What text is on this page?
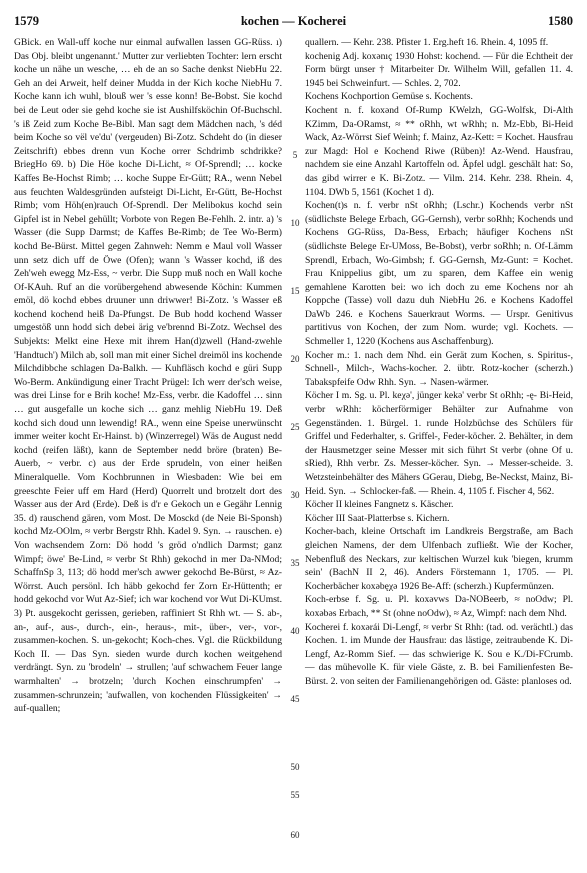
1579	kochen — Kocherei	1580

GBick. en Wall-uff koche nur einmal aufwallen lassen GG-Rüss. ı) Das Obj. bleibt ungenannt.' Mutter zur verliebten Tochter: lern erscht koche un nähe un wesche, … eh de an so Sache denkst NiebHu 22. Geh an dei Arweit, helf deiner Mudda in der Kich koche NiebHu 7. Koche kann ich wuhl, blouß wer 's esse konn! Be-Bobst. Sie kochd bei de Leut oder sie gehd koche sie ist Aushilfsköchin Of-Buchschl. 's iß Zeid zum Koche Be-Bibl. Man sagt dem Mädchen nach, 's déd beim Koche so vël ve'du' (vergeuden) Bi-Zotz. Schdeht do (in dieser Zeitschrift) ebbes drenn vun Koche orrer Schdrimb schdrikke? BriegHo 69. b) Die Höe koche Di-Licht, ≈ Of-Sprendl; … kocke Kaffes Be-Hochst Rimb; … koche Suppe Er-Gütt; RA., wenn Nebel aus feuchten Waldesgründen aufsteigt Di-Licht, Er-Gütt, Be-Hochst Rimb; vom Höh(en)rauch Of-Sprendl. Der Melibokus kochd sein Gipfel ist in Nebel gehüllt; Vorbote von Regen Be-Fehlh. 2. intr. a) 's Wasser (die Supp Darmst; de Kaffes Be-Rimb; de Tee Wo-Berm) kochd Be-Bürst. Mittel gegen Zahnweh: Nemm e Maul voll Wasser unn setz dich uff de Öwe (Ofen); wann 's Wasser kochd, iß des Zeh'weh ewegg Mz-Ess, ~ verbr. Die Supp muß noch en Wall koche Of-KAuh. Ruf an die vorübergehend abwesende Köchin: Kummen emöl, dö kochd ebbes druuner unn driwwer! Bi-Zotz. 's Wasser eß kochend kochend heiß Da-Pfungst. De Bub hodd kochend Wasser umgestöß unn hodd sich debei ärig ve'brennd Bi-Zotz. Wechsel des Subjekts: Melkt eine Hexe mit ihrem Han(d)zwell (Hand-zwehle 'Handtuch') Milch ab, soll man mit einer Sichel dreimöl ins kochende Milchdibbche schlagen Da-Balkh. — Kuhfläsch kochd e güri Supp Wo-Berm. Ankündigung einer Tracht Prügel: Ich werr der'sch weise, was drei Linse for e Brih koche! Mz-Ess, verbr. die Kadoffel … sinn … gut ausgefalle un koche sich … ganz mehlig NiebHu 19. Deß kochd sich doud unn lewendig! RA., wenn eine Speise unerwünscht immer weiter kocht Er-Hainst. b) (Winzerregel) Wäs de August nedd kochd (reifen läßt), kann de September nedd bröre (braten) Be-Auerb, ~ verbr. c) aus der Erde sprudeln, von einer heißen Mineralquelle. Vom Kochbrunnen in Wiesbaden: Wie bei em greeschte Feier uff em Hard (Herd) Quorrelt und brotzelt dort des Wasser aus der Ard (Erde). Deß is d'r e Gekoch un e Gegähr Lennig 35. d) rauschend gären, vom Most. De Mosckd (de Neie Bi-Sponsh) kochd Mz-OOlm, ≈ verbr Bergstr Rhh. Kadel 9. Syn. → rauschen. e) Von wachsendem Zorn: Dö hodd 's gröd o'ndlich Darmst; ganz Wimpf; öwe' Be-Lind, ≈ verbr St Rhh) gekochd in mer Da-NMod; SchaffnSp 3, 113; dö hodd mer'sch awwer gekochd Be-Bürst, ≈ Az-Wörrst. Auch persönl. Ich häbb gekochd fer Zorn Er-Hüttenth; er hodd gekochd vor Wut Az-Sief; ich war kochend vor Wut Di-KUmst. 3) Pt. ausgekocht gerissen, gerieben, raffiniert St Rhh wt. — S. ab-, an-, auf-, aus-, durch-, ein-, heraus-, mit-, über-, ver-, vor-, zusammen-kochen. S. un-gekocht; Koch-ches. Vgl. die Rückbildung Koch II. — Das Syn. sieden wurde durch kochen weitgehend verdrängt. Syn. zu 'brodeln' → strullen; 'auf schwachem Feuer lange warmhalten' → brotzeln; 'durch Kochen einschrumpfen' → zusammen-schrunzein; 'aufwallen, von kochenden Flüssigkeiten' → auf-quallen;

5
10
15
20
25
30
35
40
45
50
55
60

quallern. — Kehr. 238. Pfister 1. Erg.heft 16. Rhein. 4, 1095 ff.

kochenig Adj. koxənıç 1930 Hohst: kochend. — Für die Echtheit der Form bürgt unser † Mitarbeiter Dr. Wilhelm Will, gefallen 11. 4. 1945 bei Schweinfurt. — Schles. 2, 702.

Kochens Kochportion Gemüse s. Kochents.

Kochent n. f. koxənd Of-Rump KWelzh, GG-Wolfsk, Di-Alth KZimm, Da-ORamst, ≈ ** oRhh, wt wRhh; n. Mz-Ebb, Bi-Heid Wack, Az-Wörrst Sief Weinh; f. Mainz, Az-Kett: = Kochet. Hausfrau zur Magd: Hol e Kochend Riwe (Rüben)! Az-Wend. Hausfrau, nachdem sie eine Anzahl Kartoffeln od. Äpfel udgl. geschält hat: So, das gibd wirrer e K. Bi-Zotz. — Vilm. 214. Kehr. 238. Rhein. 4, 1104. DWb 5, 1561 (Kochet 1 d).

Kochen(t)s n. f. verbr nSt oRhh; (Lschr.) Kochends verbr nSt (südlichste Belege Erbach, GG-Gernsh), verbr soRhh; Kochends und Kochens GG-Rüss, Da-Bess, Erbach; häufiger Kochens nSt (südlichste Belege Er-UMoss, Be-Bobst), verbr soRhh; n. Of-Lämm Sprendl, Erbach, Wo-Gimbsh; f. GG-Gernsh, Mz-Gunt: = Kochet. Frau Knippelius gibt, um zu sparen, dem Kaffee ein wenig gemahlene Karotten bei: wo ich doch zu eme Kochens nor ah Koppche (Tasse) voll dazu duh NiebHu 26. e Kochens Kadoffel DaWb 246. e Kochens Sauerkraut Worms. — Urspr. Genitivus partitivus von Kochen, der zum Nom. wurde; vgl. Kochets. — Schmeller 1, 1220 (Kochens aus Aschaffenburg).

Kocher m.: 1. nach dem Nhd. ein Gerät zum Kochen, s. Spiritus-, Schnell-, Milch-, Wachs-kocher. 2. übtr. Rotz-kocher (scherzh.) Tabakspfeife Odw Rhh. Syn. → Nasen-wärmer.

Köcher I m. Sg. u. Pl. keχə', jünger kekə' verbr St oRhh; -ę- Bi-Heid, verbr wRhh: köcherförmiger Behälter zur Aufnahme von Gegenständen. 1. Bürgel. 1. runde Holzbüchse des Schülers für Griffel und Federhalter, s. Griffel-, Feder-köcher. 2. Behälter, in dem der Hausmetzger seine Messer mit sich führt St verbr (ohne Of u. sRied), Rhh verbr. Zs. Messer-köcher. Syn. → Messer-scheide. 3. Wetzsteinbehälter des Mähers GGerau, Diebg, Be-Neckst, Mainz, Bi-Heid. Syn. → Schlocker-faß. — Rhein. 4, 1105 f. Fischer 4, 562.

Köcher II kleines Fangnetz s. Käscher.

Köcher III Saat-Platterbse s. Kichern.

Kocher-bach, kleine Ortschaft im Landkreis Bergstraße, am Bach gleichen Namens, der dem Ulfenbach zufließt. Wie der Kocher, Nebenfluß des Neckars, zur keltischen Wurzel kuk 'biegen, krumm sein' (BachN II 2, 46). Anders Förstemann 1, 1705. — Pl. Kocherbächer koxəbęχə 1926 Be-Aff: (scherzh.) Kupfermünzen.

Koch-erbse f. Sg. u. Pl. koxəvws Da-NOBeerb, ≈ noOdw; Pl. koxəbəs Erbach, ** St (ohne noOdw), ≈ Az, Wimpf: nach dem Nhd.

Kocherei f. koxərái Di-Lengf, ≈ verbr St Rhh: (tad. od. verächtl.) das Kochen. 1. im Munde der Hausfrau: das lästige, zeitraubende K. Di-Lengf, Az-Romm Sief. — das schwierige K. Sou e K./Di-FCrumb. — das mühevolle K. für viele Gäste, z. B. bei Familienfesten Be-Bürst. 2. von seiten der Familienangehörigen od. Gäste: planloses od.
